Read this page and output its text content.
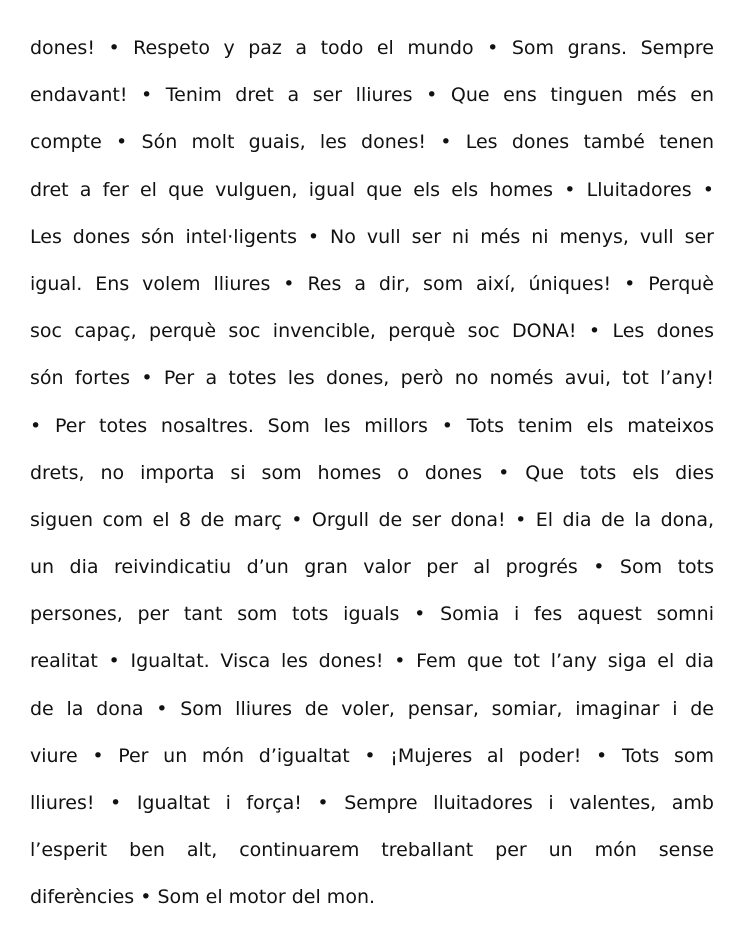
dones! • Respeto y paz a todo el mundo • Som grans. Sempre
endavant! • Tenim dret a ser lliures • Que ens tinguen més en
compte • Són molt guais, les dones! • Les dones també tenen
dret a fer el que vulguen, igual que els els homes • Lluitadores •
Les dones són intel·ligents • No vull ser ni més ni menys, vull ser
igual. Ens volem lliures • Res a dir, som així, úniques! • Perquè
soc capaç, perquè soc invencible, perquè soc DONA! • Les dones
són fortes • Per a totes les dones, però no només avui, tot l’any!
• Per totes nosaltres. Som les millors • Tots tenim els mateixos
drets, no importa si som homes o dones • Que tots els dies
siguen com el 8 de març • Orgull de ser dona! • El dia de la dona,
un dia reivindicatiu d’un gran valor per al progrés • Som tots
persones, per tant som tots iguals • Somia i fes aquest somni
realitat • Igualtat. Visca les dones! • Fem que tot l’any siga el dia
de la dona • Som lliures de voler, pensar, somiar, imaginar i de
viure • Per un món d’igualtat • ¡Mujeres al poder! • Tots som
lliures! • Igualtat i força! • Sempre lluitadores i valentes, amb
l’esperit ben alt, continuarem treballant per un món sense
diferències • Som el motor del mon.
